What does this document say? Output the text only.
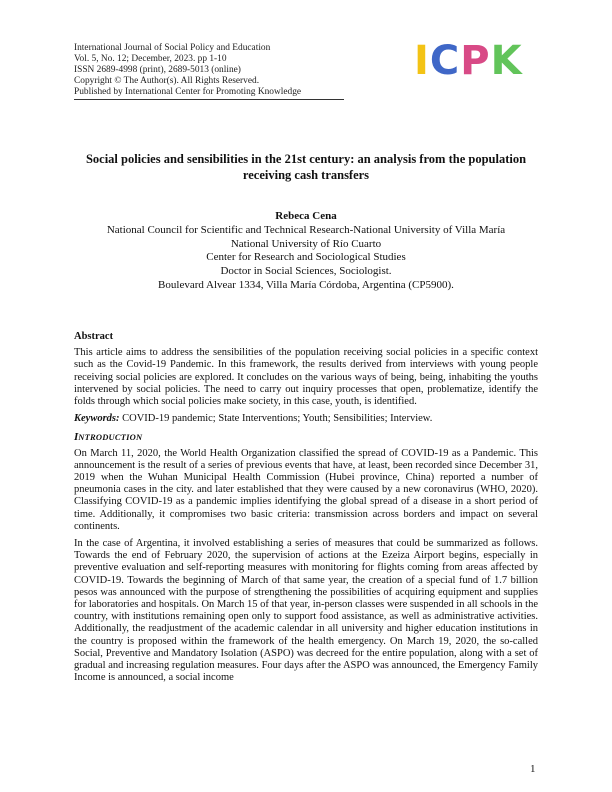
International Journal of Social Policy and Education
Vol. 5, No. 12; December, 2023. pp 1-10
ISSN 2689-4998 (print), 2689-5013 (online)
Copyright © The Author(s). All Rights Reserved.
Published by International Center for Promoting Knowledge
ICPK
Social policies and sensibilities in the 21st century: an analysis from the population receiving cash transfers
Rebeca Cena
National Council for Scientific and Technical Research-National University of Villa María
National University of Río Cuarto
Center for Research and Sociological Studies
Doctor in Social Sciences, Sociologist.
Boulevard Alvear 1334, Villa María Córdoba, Argentina (CP5900).
Abstract

This article aims to address the sensibilities of the population receiving social policies in a specific context such as the Covid-19 Pandemic. In this framework, the results derived from interviews with young people receiving social policies are explored. It concludes on the various ways of being, being, inhabiting the youths intervened by social policies. The need to carry out inquiry processes that open, problematize, identify the folds through which social policies make society, in this case, youth, is identified.

Keywords: COVID-19 pandemic; State Interventions; Youth; Sensibilities; Interview.

INTRODUCTION

On March 11, 2020, the World Health Organization classified the spread of COVID-19 as a Pandemic. This announcement is the result of a series of previous events that have, at least, been recorded since December 31, 2019 when the Wuhan Municipal Health Commission (Hubei province, China) reported a number of pneumonia cases in the city. and later established that they were caused by a new coronavirus (WHO, 2020). Classifying COVID-19 as a pandemic implies identifying the global spread of a disease in a short period of time. Additionally, it compromises two basic criteria: transmission across borders and impact on several continents.

In the case of Argentina, it involved establishing a series of measures that could be summarized as follows. Towards the end of February 2020, the supervision of actions at the Ezeiza Airport begins, especially in preventive evaluation and self-reporting measures with monitoring for flights coming from areas affected by COVID-19. Towards the beginning of March of that same year, the creation of a special fund of 1.7 billion pesos was announced with the purpose of strengthening the possibilities of acquiring equipment and supplies for laboratories and hospitals. On March 15 of that year, in-person classes were suspended in all schools in the country, with institutions remaining open only to support food assistance, as well as administrative activities. Additionally, the readjustment of the academic calendar in all university and higher education institutions in the country is proposed within the framework of the health emergency. On March 19, 2020, the so-called Social, Preventive and Mandatory Isolation (ASPO) was decreed for the entire population, along with a set of gradual and increasing regulation measures. Four days after the ASPO was announced, the Emergency Family Income is announced, a social income

1
